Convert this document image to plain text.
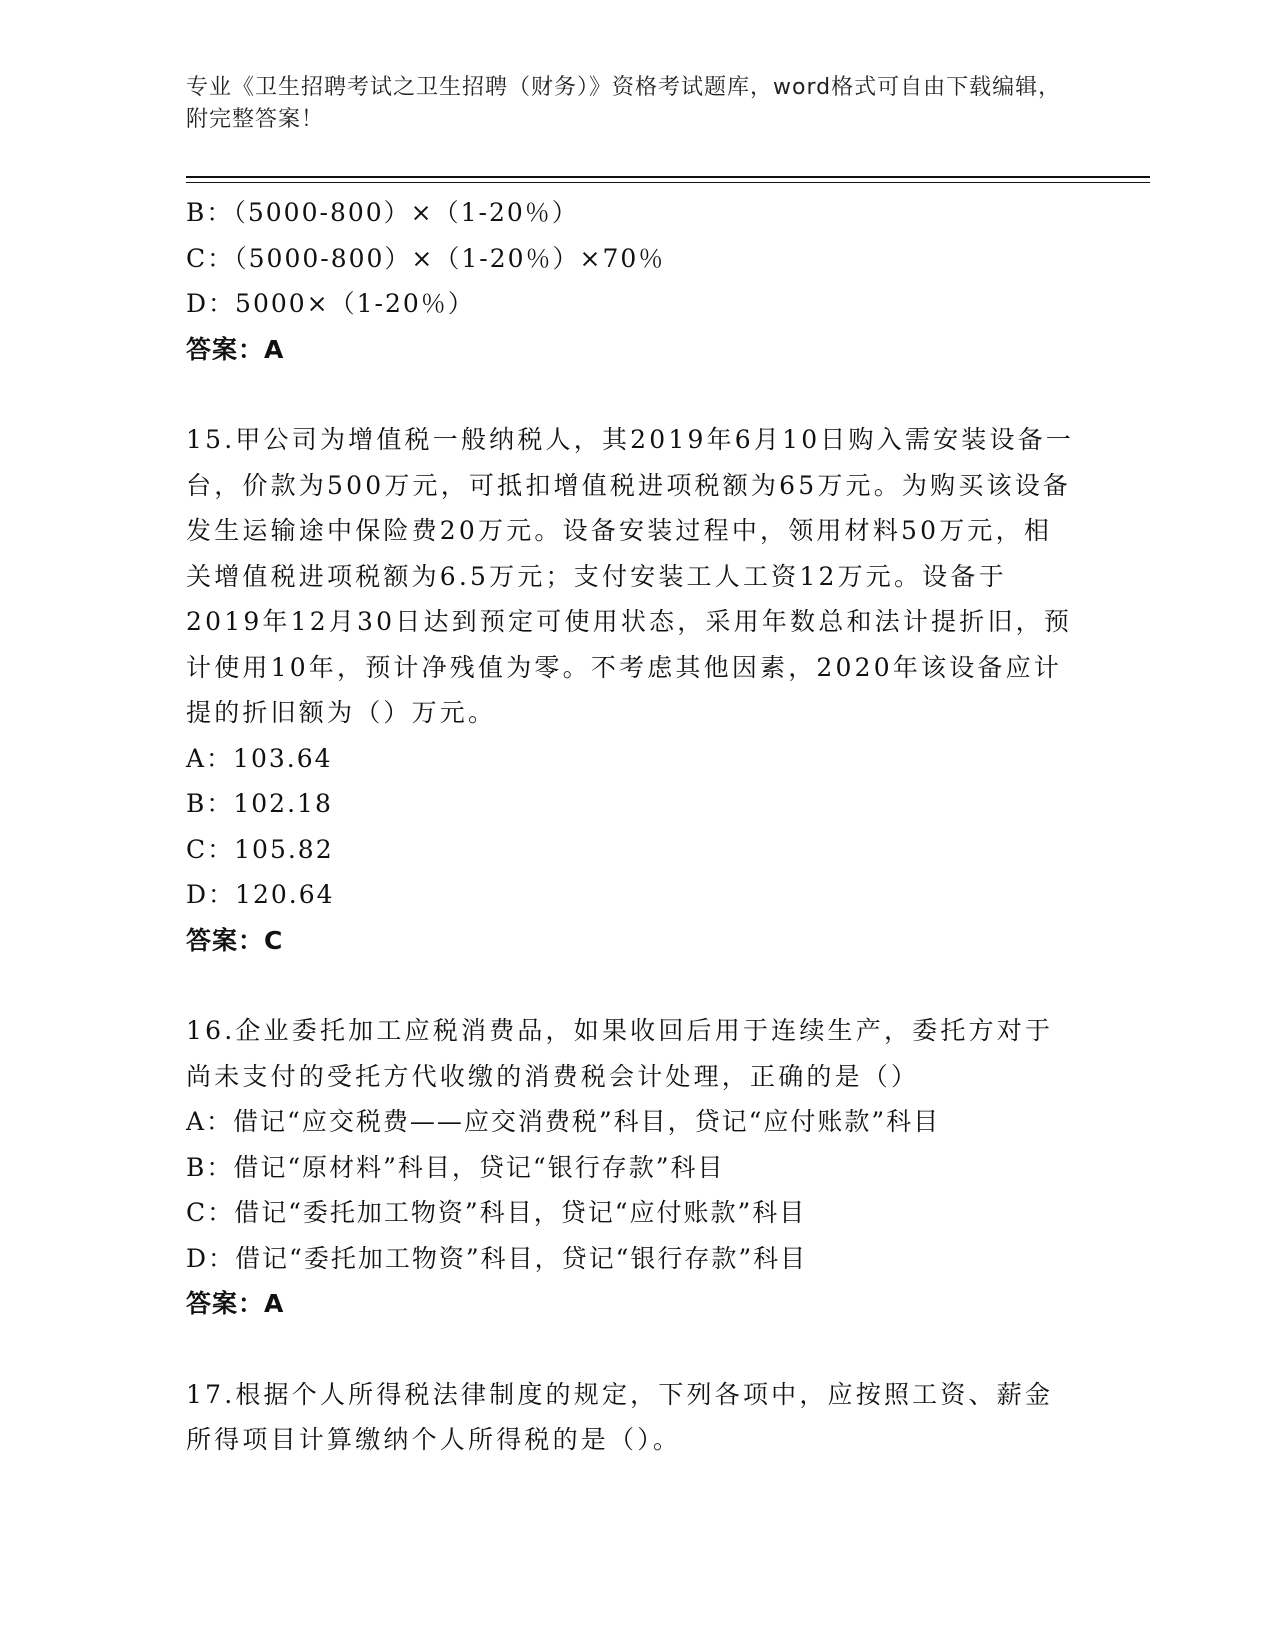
专业《卫生招聘考试之卫生招聘（财务）》资格考试题库，word格式可自由下载编辑，附完整答案！
B：（5000-800）×（1-20％）
C：（5000-800）×（1-20％）×70％
D：5000×（1-20％）
答案：A
15.甲公司为增值税一般纳税人，其2019年6月10日购入需安装设备一台，价款为500万元，可抵扣增值税进项税额为65万元。为购买该设备发生运输途中保险费20万元。设备安装过程中，领用材料50万元，相关增值税进项税额为6.5万元；支付安装工人工资12万元。设备于2019年12月30日达到预定可使用状态，采用年数总和法计提折旧，预计使用10年，预计净残值为零。不考虑其他因素，2020年该设备应计提的折旧额为（）万元。
A：103.64
B：102.18
C：105.82
D：120.64
答案：C
16.企业委托加工应税消费品，如果收回后用于连续生产，委托方对于尚未支付的受托方代收缴的消费税会计处理，正确的是（）
A：借记“应交税费——应交消费税”科目，贷记“应付账款”科目
B：借记“原材料”科目，贷记“银行存款”科目
C：借记“委托加工物资”科目，贷记“应付账款”科目
D：借记“委托加工物资”科目，贷记“银行存款”科目
答案：A
17.根据个人所得税法律制度的规定，下列各项中，应按照工资、薪金所得项目计算缴纳个人所得税的是（）。
